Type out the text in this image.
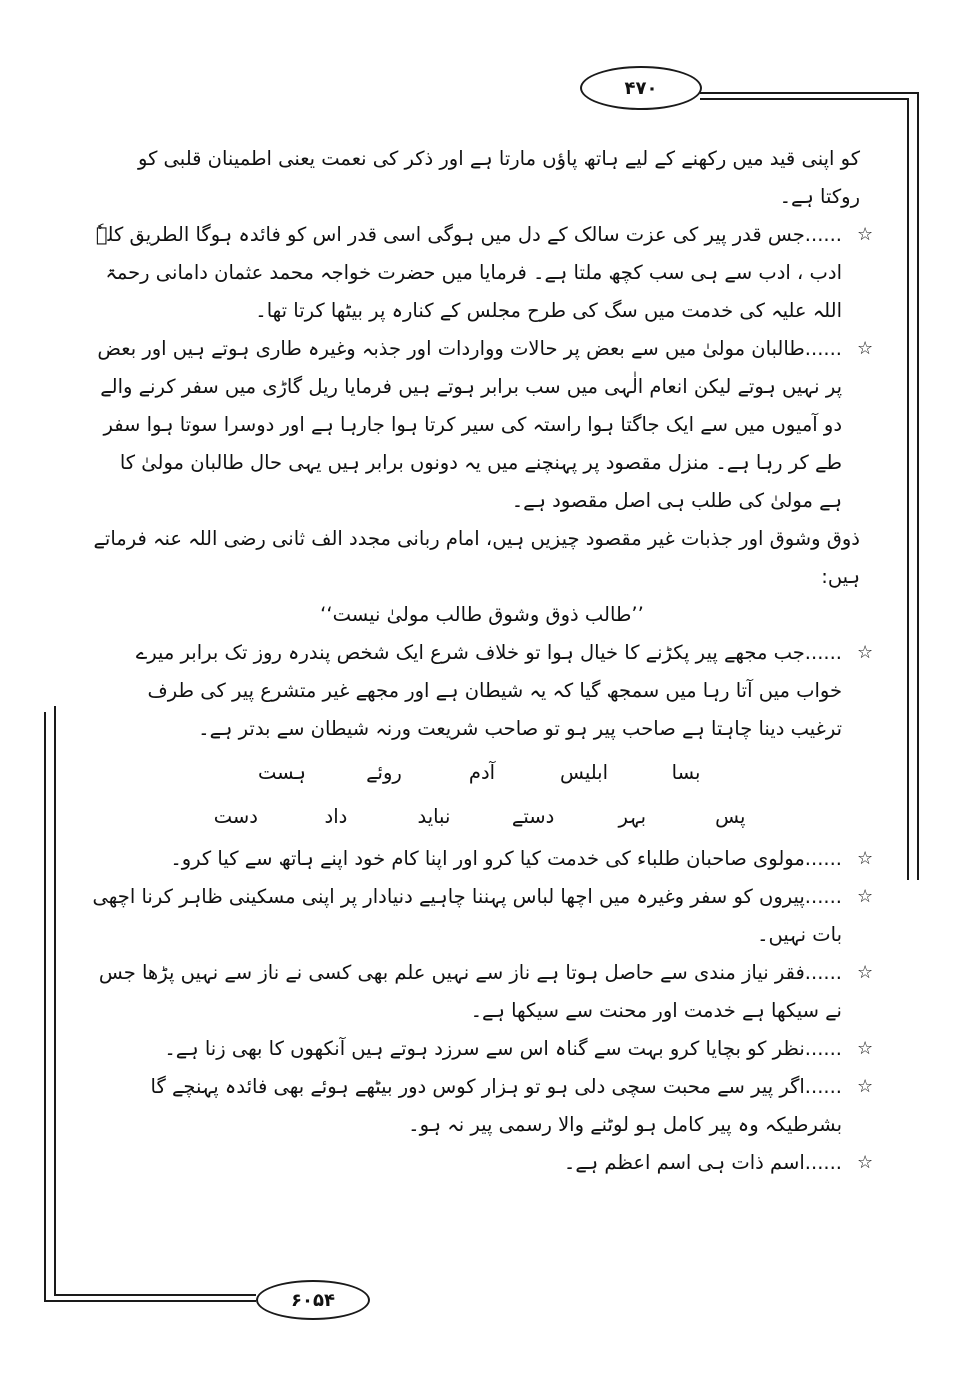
۴۷۰

کو اپنی قید میں رکھنے کے لیے ہاتھ پاؤں مارتا ہے اور ذکر کی نعمت یعنی اطمینان قلبی کو روکتا ہے۔

☆
......جس قدر پیر کی عزت سالک کے دل میں ہوگی اسی قدر اس کو فائدہ ہوگا الطریق کلہٗ ادب ، ادب سے ہی سب کچھ ملتا ہے۔ فرمایا میں حضرت خواجہ محمد عثمان دامانی رحمۃ اللہ علیہ کی خدمت میں سگ کی طرح مجلس کے کنارہ پر بیٹھا کرتا تھا۔

☆
......طالبان مولیٰ میں سے بعض پر حالات وواردات اور جذبہ وغیرہ طاری ہوتے ہیں اور بعض پر نہیں ہوتے لیکن انعام الٰہی میں سب برابر ہوتے ہیں فرمایا ریل گاڑی میں سفر کرنے والے دو آمیوں میں سے ایک جاگتا ہوا راستہ کی سیر کرتا ہوا جارہا ہے اور دوسرا سوتا ہوا سفر طے کر رہا ہے۔ منزل مقصود پر پہنچنے میں یہ دونوں برابر ہیں یہی حال طالبان مولیٰ کا ہے مولیٰ کی طلب ہی اصل مقصود ہے۔

ذوق وشوق اور جذبات غیر مقصود چیزیں ہیں، امام ربانی مجدد الف ثانی رضی اللہ عنہ فرماتے ہیں:

’’طالب ذوق وشوق طالب مولیٰ نیست‘‘

☆
......جب مجھے پیر پکڑنے کا خیال ہوا تو خلاف شرع ایک شخص پندرہ روز تک برابر میرے خواب میں آتا رہا میں سمجھ گیا کہ یہ شیطان ہے اور مجھے غیر متشرع پیر کی طرف ترغیب دینا چاہتا ہے صاحب پیر ہو تو صاحب شریعت ورنہ شیطان سے بدتر ہے۔

بسا
ابلیس
آدم
روئے
ہست
پس
بہر
دستے
نباید
داد
دست

☆
......مولوی صاحبان طلباء کی خدمت کیا کرو اور اپنا کام خود اپنے ہاتھ سے کیا کرو۔

☆
......پیروں کو سفر وغیرہ میں اچھا لباس پہننا چاہیے دنیادار پر اپنی مسکینی ظاہر کرنا اچھی بات نہیں۔

☆
......فقر نیاز مندی سے حاصل ہوتا ہے ناز سے نہیں علم بھی کسی نے ناز سے نہیں پڑھا جس نے سیکھا ہے خدمت اور محنت سے سیکھا ہے۔

☆
......نظر کو بچایا کرو بہت سے گناہ اس سے سرزد ہوتے ہیں آنکھوں کا بھی زنا ہے۔

☆
......اگر پیر سے محبت سچی دلی ہو تو ہزار کوس دور بیٹھے ہوئے بھی فائدہ پہنچے گا بشرطیکہ وہ پیر کامل ہو لوٹنے والا رسمی پیر نہ ہو۔

☆
......اسم ذات ہی اسم اعظم ہے۔

۶۰۵۴
